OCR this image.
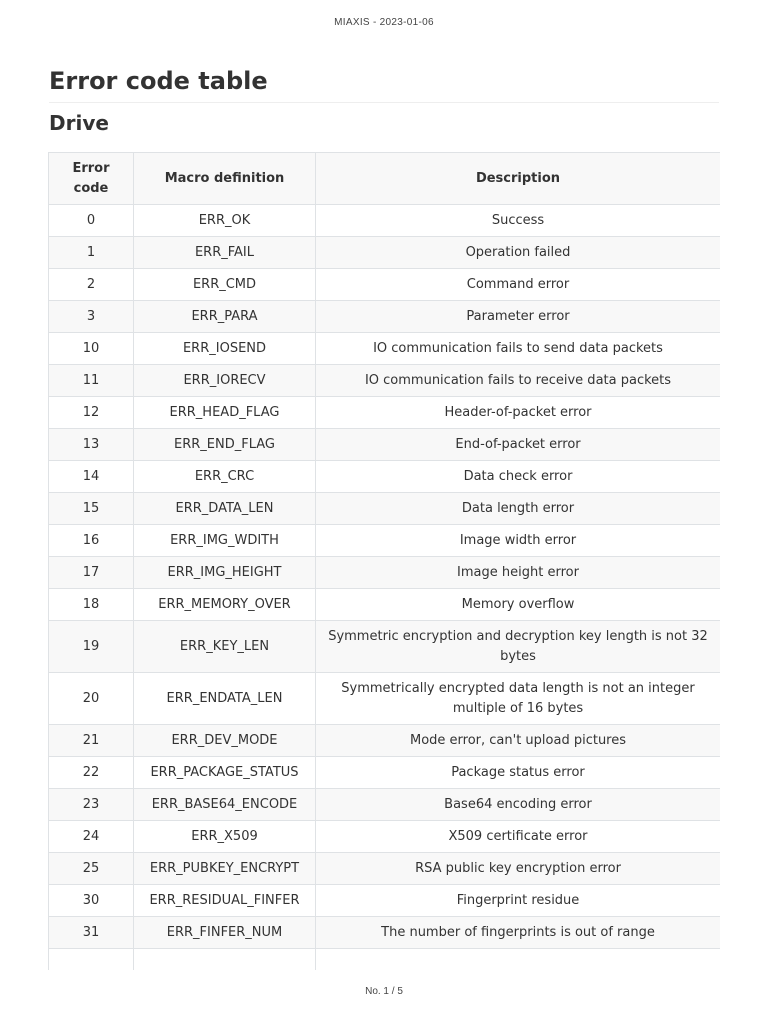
MIAXIS - 2023-01-06
Error code table
Drive
Error code	Macro definition	Description
0	ERR_OK	Success
1	ERR_FAIL	Operation failed
2	ERR_CMD	Command error
3	ERR_PARA	Parameter error
10	ERR_IOSEND	IO communication fails to send data packets
11	ERR_IORECV	IO communication fails to receive data packets
12	ERR_HEAD_FLAG	Header-of-packet error
13	ERR_END_FLAG	End-of-packet error
14	ERR_CRC	Data check error
15	ERR_DATA_LEN	Data length error
16	ERR_IMG_WDITH	Image width error
17	ERR_IMG_HEIGHT	Image height error
18	ERR_MEMORY_OVER	Memory overflow
19	ERR_KEY_LEN	Symmetric encryption and decryption key length is not 32 bytes
20	ERR_ENDATA_LEN	Symmetrically encrypted data length is not an integer multiple of 16 bytes
21	ERR_DEV_MODE	Mode error, can't upload pictures
22	ERR_PACKAGE_STATUS	Package status error
23	ERR_BASE64_ENCODE	Base64 encoding error
24	ERR_X509	X509 certificate error
25	ERR_PUBKEY_ENCRYPT	RSA public key encryption error
30	ERR_RESIDUAL_FINFER	Fingerprint residue
31	ERR_FINFER_NUM	The number of fingerprints is out of range

No. 1 / 5
